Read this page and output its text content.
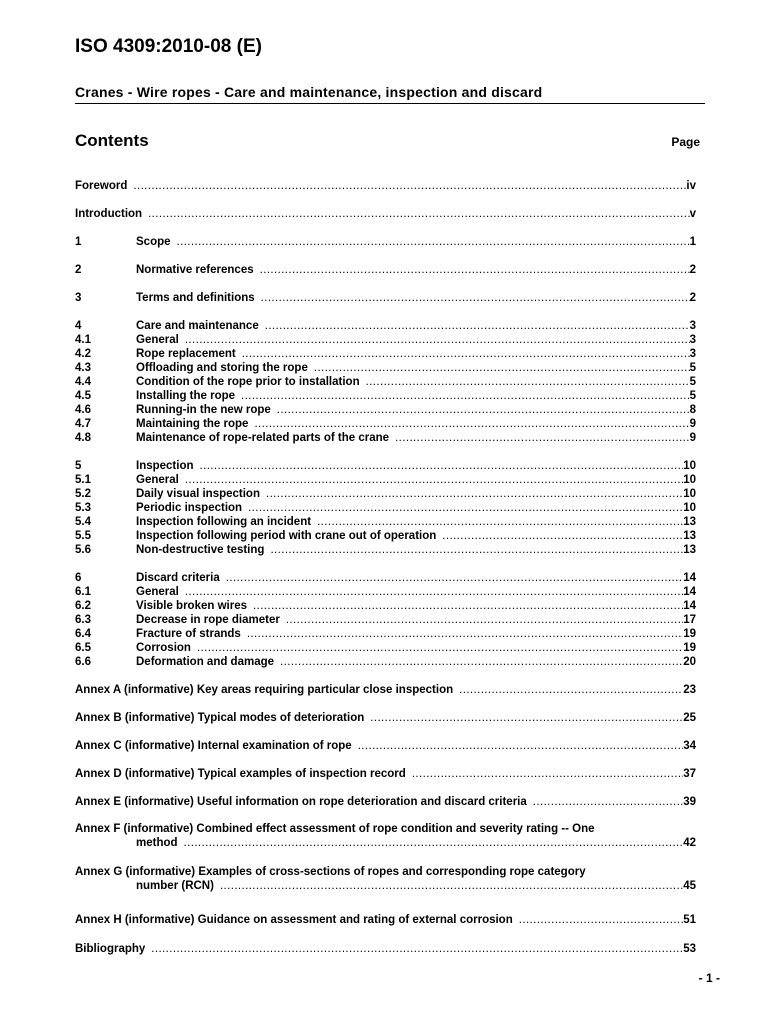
ISO 4309:2010-08 (E)
Cranes - Wire ropes - Care and maintenance, inspection and discard
Contents	Page
Foreword .....	iv
Introduction .....	v
1	Scope .....	1
2	Normative references .....	2
3	Terms and definitions .....	2
4	Care and maintenance .....	3
4.1	General .....	3
4.2	Rope replacement .....	3
4.3	Offloading and storing the rope .....	5
4.4	Condition of the rope prior to installation .....	5
4.5	Installing the rope .....	5
4.6	Running-in the new rope .....	8
4.7	Maintaining the rope .....	9
4.8	Maintenance of rope-related parts of the crane .....	9
5	Inspection .....	10
5.1	General .....	10
5.2	Daily visual inspection .....	10
5.3	Periodic inspection .....	10
5.4	Inspection following an incident .....	13
5.5	Inspection following period with crane out of operation .....	13
5.6	Non-destructive testing .....	13
6	Discard criteria .....	14
6.1	General .....	14
6.2	Visible broken wires .....	14
6.3	Decrease in rope diameter .....	17
6.4	Fracture of strands .....	19
6.5	Corrosion .....	19
6.6	Deformation and damage .....	20
Annex A (informative) Key areas requiring particular close inspection .....	23
Annex B (informative) Typical modes of deterioration .....	25
Annex C (informative) Internal examination of rope .....	34
Annex D (informative) Typical examples of inspection record .....	37
Annex E (informative) Useful information on rope deterioration and discard criteria .....	39
Annex F (informative) Combined effect assessment of rope condition and severity rating -- One
method .....	42
Annex G (informative) Examples of cross-sections of ropes and corresponding rope category
number (RCN) .....	45
Annex H (informative) Guidance on assessment and rating of external corrosion .....	51
Bibliography .....	53
- 1 -
